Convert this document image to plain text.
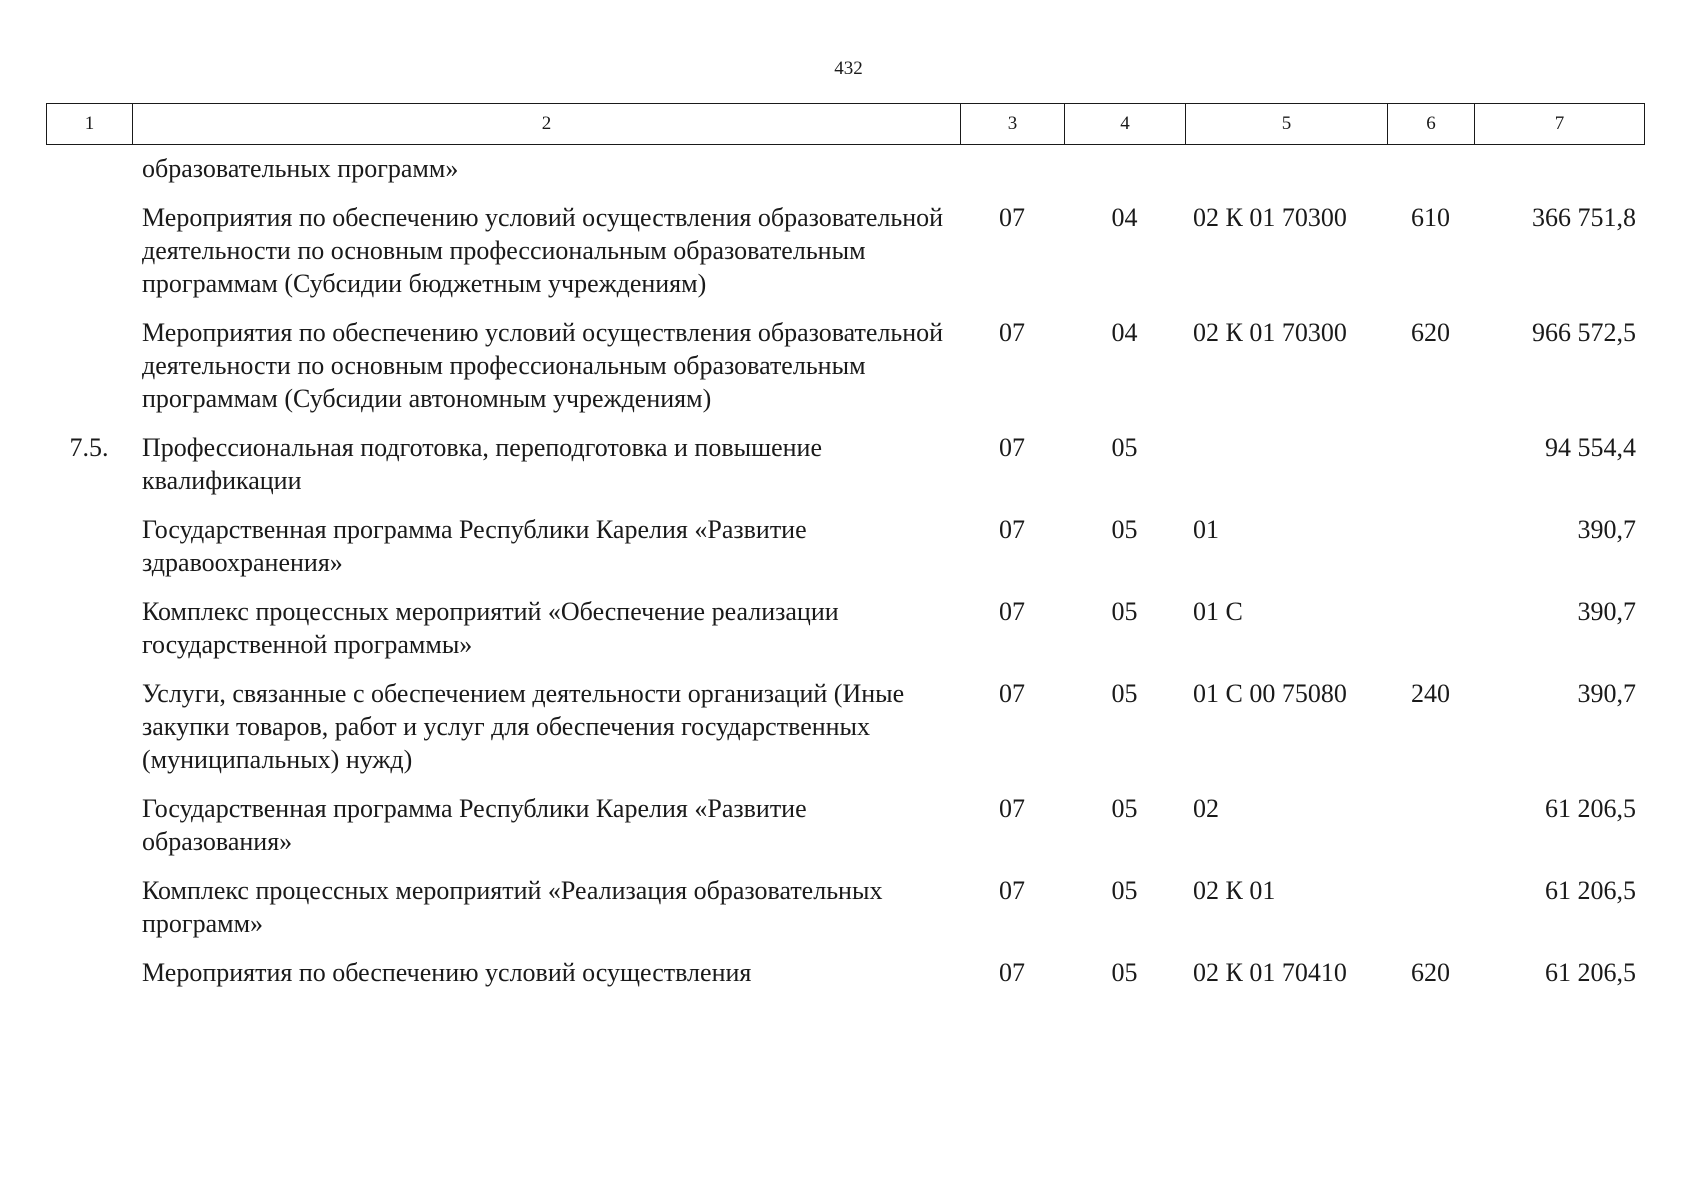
432
1	2	3	4	5	6	7
	образовательных программ»					
	Мероприятия по обеспечению условий осуществления образовательной деятельности по основным профессиональным образовательным программам (Субсидии бюджетным учреждениям)	07	04	02 К 01 70300	610	366 751,8
	Мероприятия по обеспечению условий осуществления образовательной деятельности по основным профессиональным образовательным программам (Субсидии автономным учреждениям)	07	04	02 К 01 70300	620	966 572,5
7.5.	Профессиональная подготовка, переподготовка и повышение квалификации	07	05			94 554,4
	Государственная программа Республики Карелия «Развитие здравоохранения»	07	05	01		390,7
	Комплекс процессных мероприятий «Обеспечение реализации государственной программы»	07	05	01 С		390,7
	Услуги, связанные с обеспечением деятельности организаций (Иные закупки товаров, работ и услуг для обеспечения государственных (муниципальных) нужд)	07	05	01 С 00 75080	240	390,7
	Государственная программа Республики Карелия «Развитие образования»	07	05	02		61 206,5
	Комплекс процессных мероприятий «Реализация образовательных программ»	07	05	02 К 01		61 206,5
	Мероприятия по обеспечению условий осуществления	07	05	02 К 01 70410	620	61 206,5
